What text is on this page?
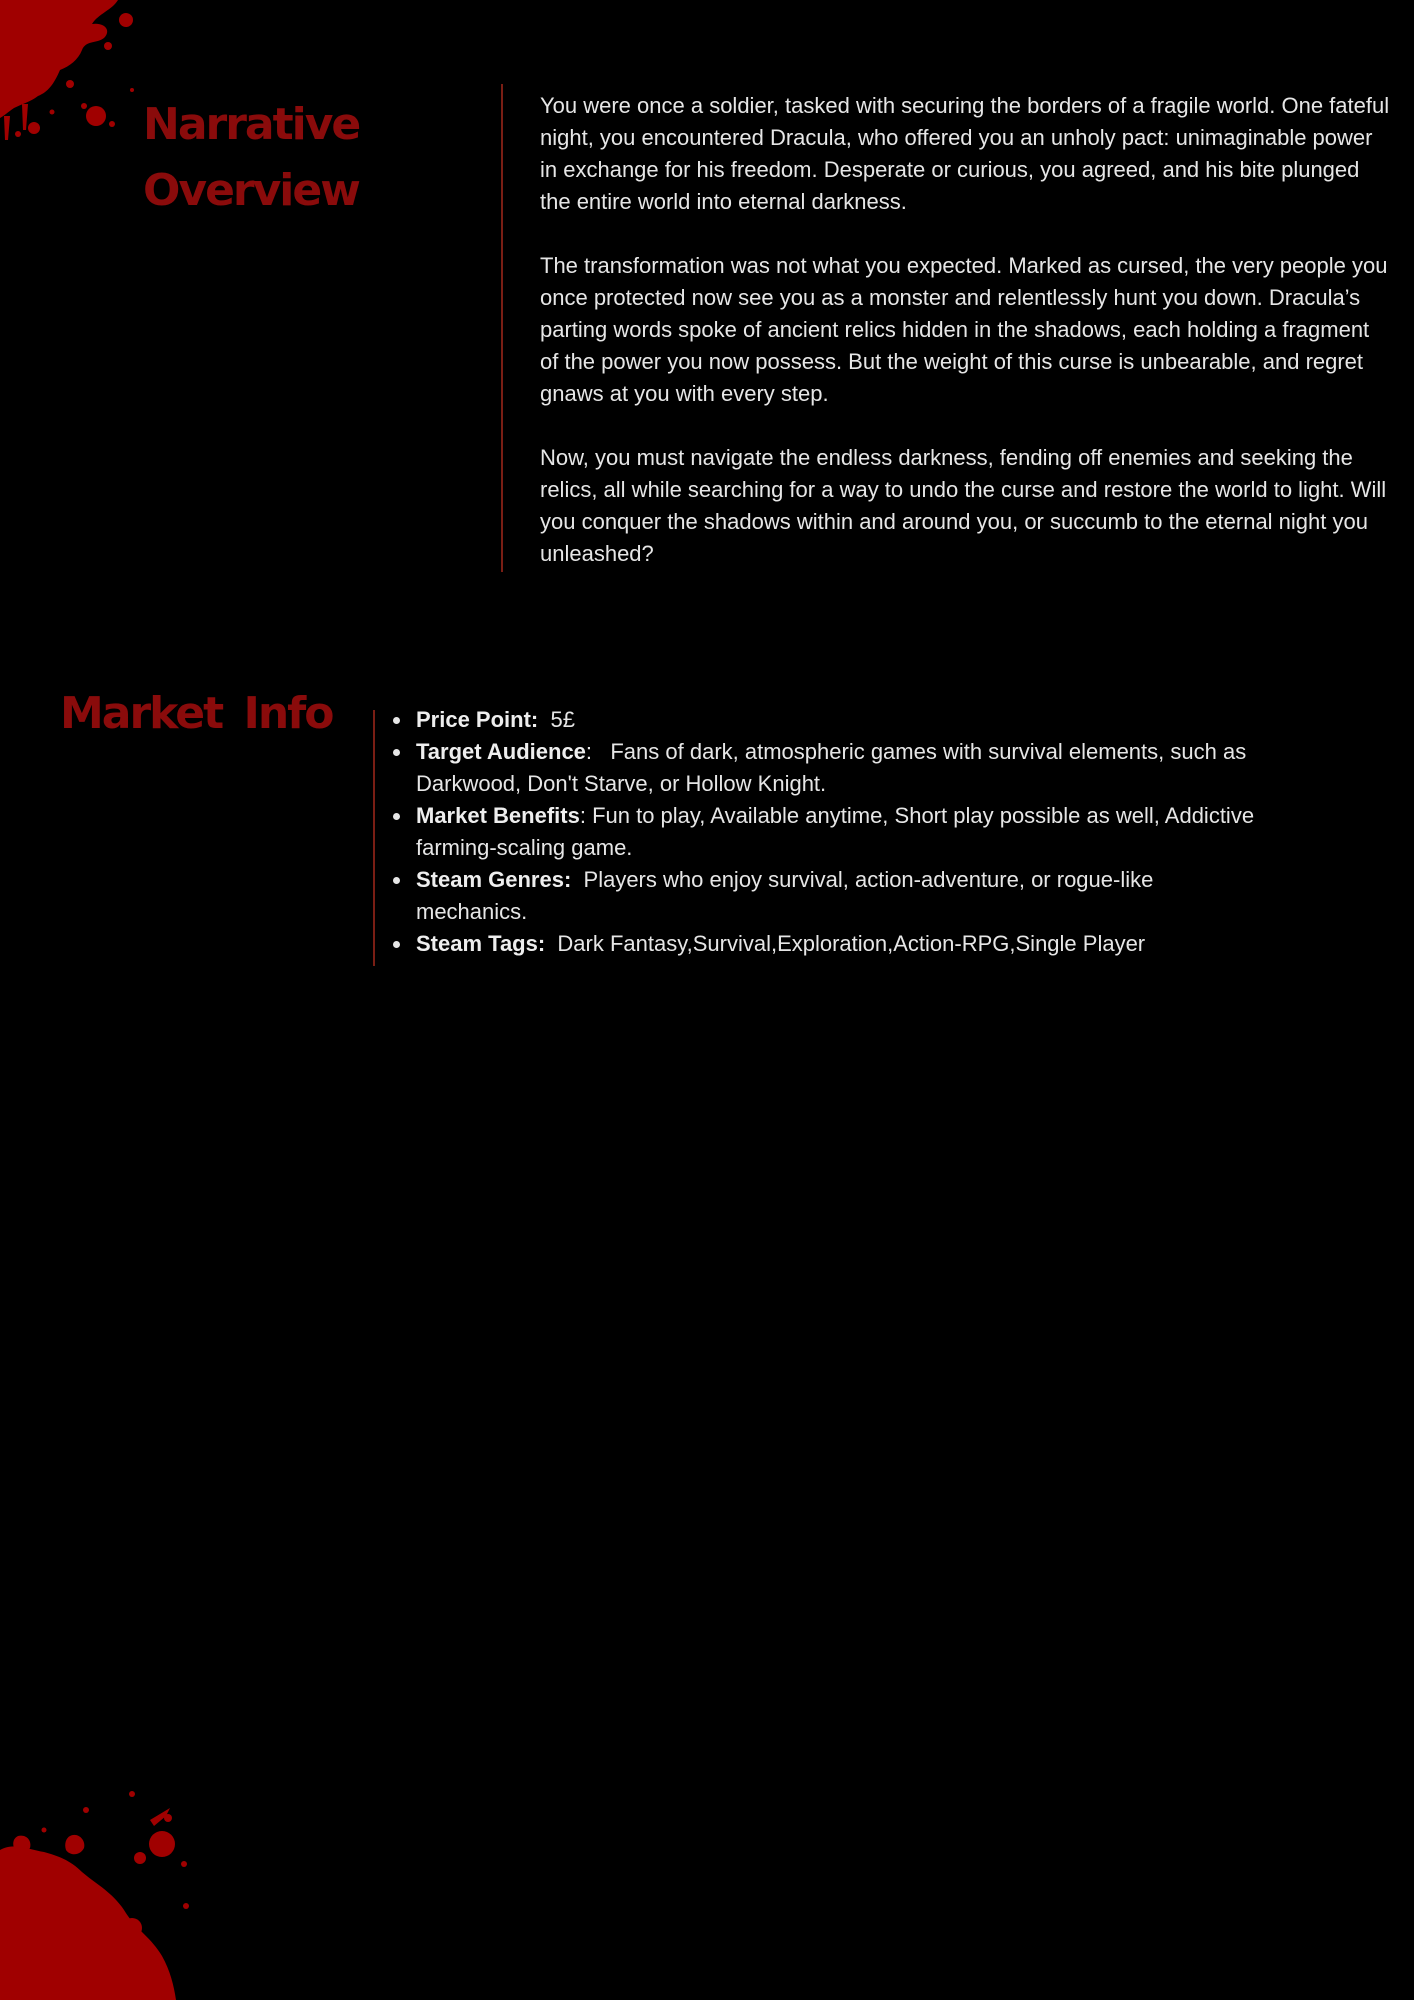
Narrative
Overview

You were once a soldier, tasked with securing the borders of a fragile world. One fateful night, you encountered Dracula, who offered you an unholy pact: unimaginable power in exchange for his freedom. Desperate or curious, you agreed, and his bite plunged the entire world into eternal darkness.

The transformation was not what you expected. Marked as cursed, the very people you once protected now see you as a monster and relentlessly hunt you down. Dracula’s parting words spoke of ancient relics hidden in the shadows, each holding a fragment of the power you now possess. But the weight of this curse is unbearable, and regret gnaws at you with every step.

Now, you must navigate the endless darkness, fending off enemies and seeking the relics, all while searching for a way to undo the curse and restore the world to light. Will you conquer the shadows within and around you, or succumb to the eternal night you unleashed?

Market Info	Price Point:  5£
Target Audience:   Fans of dark, atmospheric games with survival elements, such as Darkwood, Don't Starve, or Hollow Knight.
Market Benefits: Fun to play, Available anytime, Short play possible as well, Addictive farming-scaling game.
Steam Genres:  Players who enjoy survival, action-adventure, or rogue-like mechanics.
Steam Tags:  Dark Fantasy,Survival,Exploration,Action-RPG,Single Player
